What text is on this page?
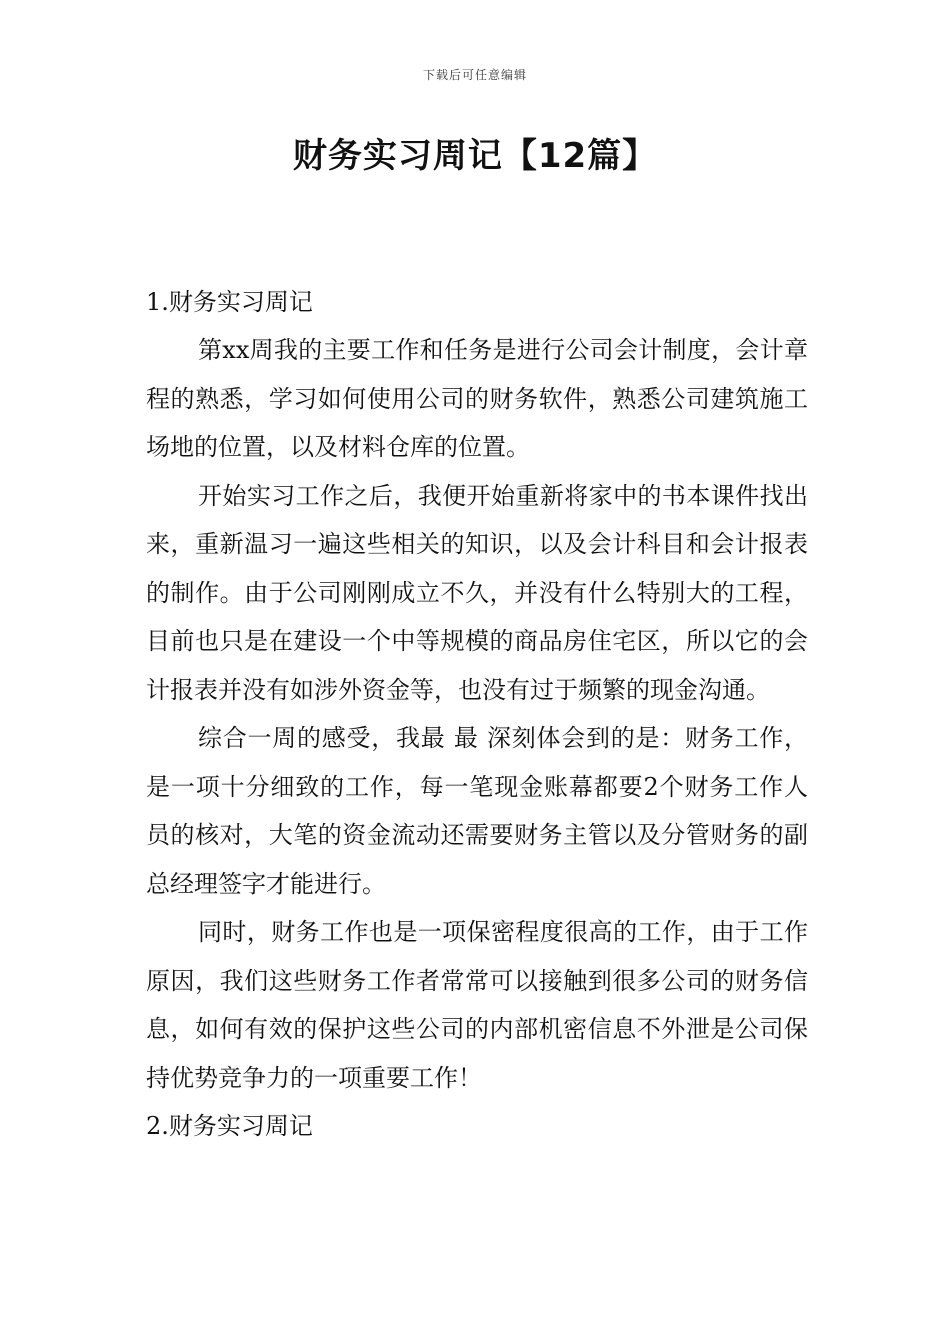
下载后可任意编辑
财务实习周记【12篇】

1.财务实习周记

第xx周我的主要工作和任务是进行公司会计制度，会计章程的熟悉，学习如何使用公司的财务软件，熟悉公司建筑施工场地的位置，以及材料仓库的位置。

开始实习工作之后，我便开始重新将家中的书本课件找出来，重新温习一遍这些相关的知识，以及会计科目和会计报表的制作。由于公司刚刚成立不久，并没有什么特别大的工程，目前也只是在建设一个中等规模的商品房住宅区，所以它的会计报表并没有如涉外资金等，也没有过于频繁的现金沟通。

综合一周的感受，我最 最 深刻体会到的是：财务工作，是一项十分细致的工作，每一笔现金账幕都要2个财务工作人员的核对，大笔的资金流动还需要财务主管以及分管财务的副总经理签字才能进行。

同时，财务工作也是一项保密程度很高的工作，由于工作原因，我们这些财务工作者常常可以接触到很多公司的财务信息，如何有效的保护这些公司的内部机密信息不外泄是公司保持优势竞争力的一项重要工作！

2.财务实习周记
